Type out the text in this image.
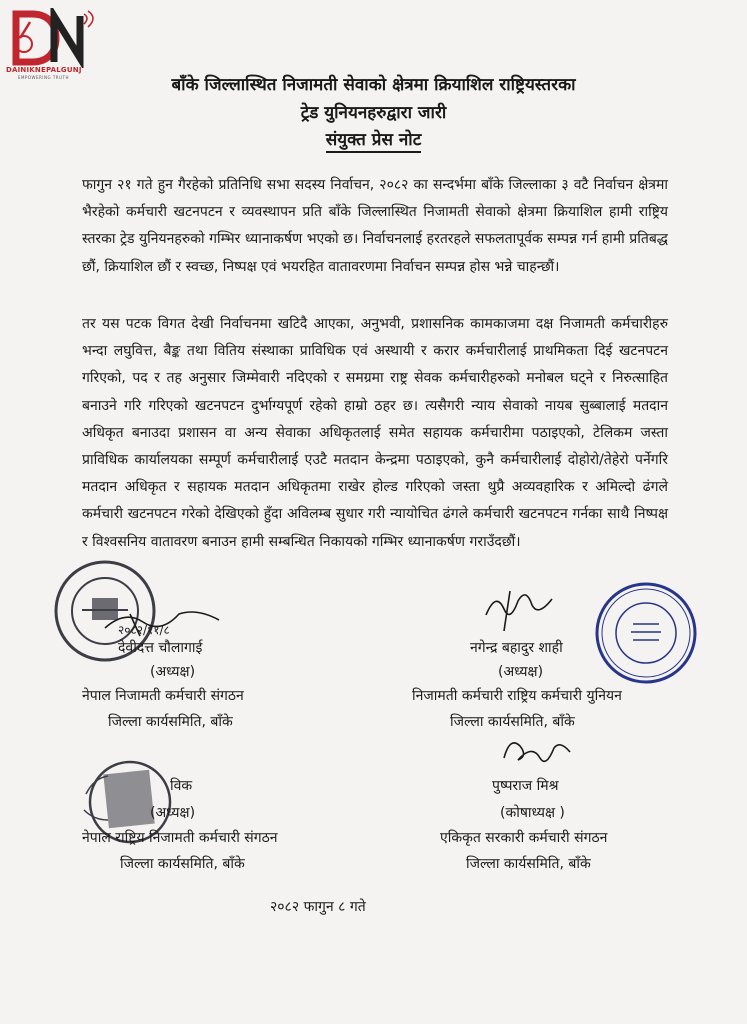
DAINIKNEPALGUNJ
EMPOWERING TRUTH	बाँके जिल्लास्थित निजामती सेवाको क्षेत्रमा क्रियाशिल राष्ट्रियस्तरका
ट्रेड युनियनहरुद्वारा जारी
संयुक्त प्रेस नोट
फागुन २१ गते हुन गैरहेको प्रतिनिधि सभा सदस्य निर्वाचन, २०८२ का सन्दर्भमा बाँके जिल्लाका ३ वटै निर्वाचन क्षेत्रमा भैरहेको कर्मचारी खटनपटन र व्यवस्थापन प्रति बाँके जिल्लास्थित निजामती सेवाको क्षेत्रमा क्रियाशिल हामी राष्ट्रिय स्तरका ट्रेड युनियनहरुको गम्भिर ध्यानाकर्षण भएको छ। निर्वाचनलाई हरतरहले सफलतापूर्वक सम्पन्न गर्न हामी प्रतिबद्ध छौं, क्रियाशिल छौं र स्वच्छ, निष्पक्ष एवं भयरहित वातावरणमा निर्वाचन सम्पन्न होस भन्ने चाहन्छौं।
तर यस पटक विगत देखी निर्वाचनमा खटिदै आएका, अनुभवी, प्रशासनिक कामकाजमा दक्ष निजामती कर्मचारीहरु भन्दा लघुवित्त, बैङ्क तथा वितिय संस्थाका प्राविधिक एवं अस्थायी र करार कर्मचारीलाई प्राथमिकता दिई खटनपटन गरिएको, पद र तह अनुसार जिम्मेवारी नदिएको र समग्रमा राष्ट्र सेवक कर्मचारीहरुको मनोबल घट्ने र निरुत्साहित बनाउने गरि गरिएको खटनपटन दुर्भाग्यपूर्ण रहेको हाम्रो ठहर छ। त्यसैगरी न्याय सेवाको नायब सुब्बालाई मतदान अधिकृत बनाउदा प्रशासन वा अन्य सेवाका अधिकृतलाई समेत सहायक कर्मचारीमा पठाइएको, टेलिकम जस्ता प्राविधिक कार्यालयका सम्पूर्ण कर्मचारीलाई एउटै मतदान केन्द्रमा पठाइएको, कुनै कर्मचारीलाई दोहोरो/तेहेरो पर्नेगरि मतदान अधिकृत र सहायक मतदान अधिकृतमा राखेर होल्ड गरिएको जस्ता थुप्रै अव्यवहारिक र अमिल्दो ढंगले कर्मचारी खटनपटन गरेको देखिएको हुँदा अविलम्ब सुधार गरी न्यायोचित ढंगले कर्मचारी खटनपटन गर्नका साथै निष्पक्ष र विश्वसनिय वातावरण बनाउन हामी सम्बन्धित निकायको गम्भिर ध्यानाकर्षण गराउँदछौं।
२०८२/११/८
देवीदत्त चौलागाई
(अध्यक्ष)
नेपाल निजामती कर्मचारी संगठन
जिल्ला कार्यसमिति, बाँके
नगेन्द्र बहादुर शाही
(अध्यक्ष)
निजामती कर्मचारी राष्ट्रिय कर्मचारी युनियन
जिल्ला कार्यसमिति, बाँके
विक
(अध्यक्ष)
नेपाल राष्ट्रिय निजामती कर्मचारी संगठन
जिल्ला कार्यसमिति, बाँके
पुष्पराज मिश्र
(कोषाध्यक्ष )
एकिकृत सरकारी कर्मचारी संगठन
जिल्ला कार्यसमिति, बाँके
२०८२ फागुन ८ गते
